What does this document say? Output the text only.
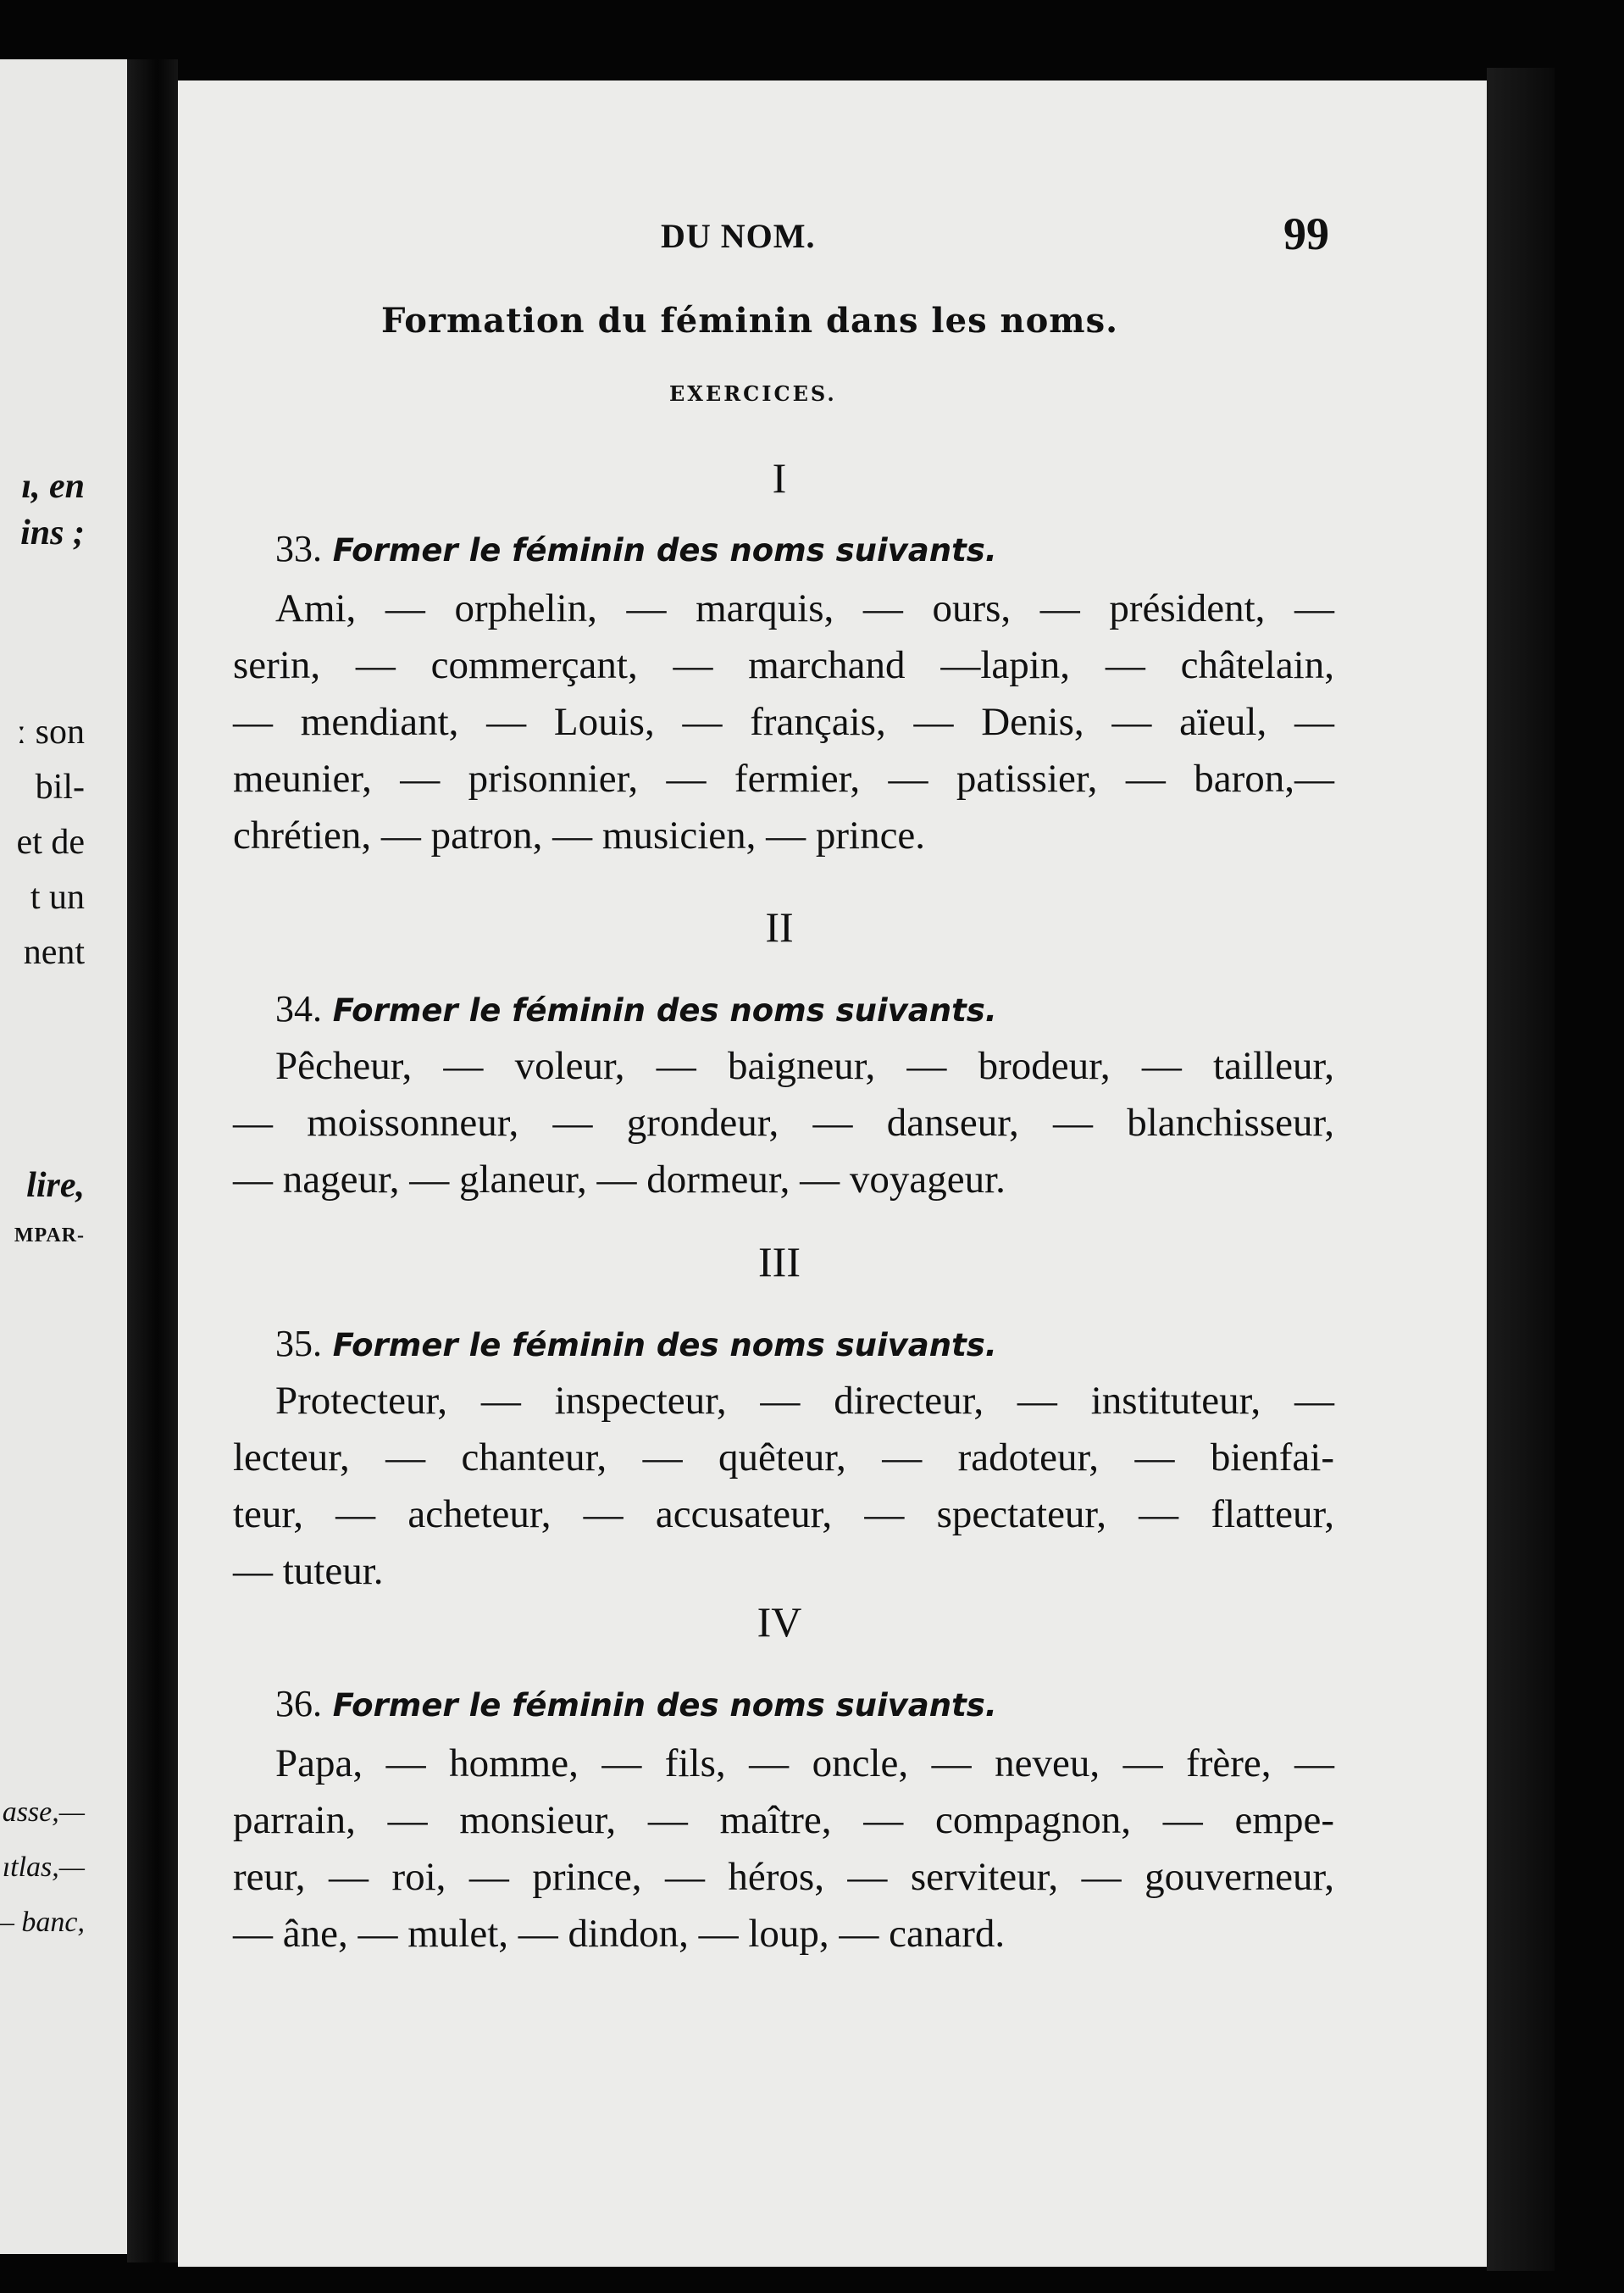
ı, en
ins ;
ː son
bil-
et de
t un
nent
lire,
MPAR-
asse,—
ıtlas,—
– banc,
DU NOM.	99
Formation du féminin dans les noms.
EXERCICES.
I
33. Former le féminin des noms suivants.
Ami, — orphelin, — marquis, — ours, — président, —
serin, — commerçant, — marchand —lapin, — châtelain,
— mendiant, — Louis, — français, — Denis, — aïeul, —
meunier, — prisonnier, — fermier, — patissier, — baron,—
chrétien, — patron, — musicien, — prince.
II
34. Former le féminin des noms suivants.
Pêcheur, — voleur, — baigneur, — brodeur, — tailleur,
— moissonneur, — grondeur, — danseur, — blanchisseur,
— nageur, — glaneur, — dormeur, — voyageur.
III
35. Former le féminin des noms suivants.
Protecteur, — inspecteur, — directeur, — instituteur, —
lecteur, — chanteur, — quêteur, — radoteur, — bienfai-
teur, — acheteur, — accusateur, — spectateur, — flatteur,
— tuteur.
IV
36. Former le féminin des noms suivants.
Papa, — homme, — fils, — oncle, — neveu, — frère, —
parrain, — monsieur, — maître, — compagnon, — empe-
reur, — roi, — prince, — héros, — serviteur, — gouverneur,
— âne, — mulet, — dindon, — loup, — canard.
